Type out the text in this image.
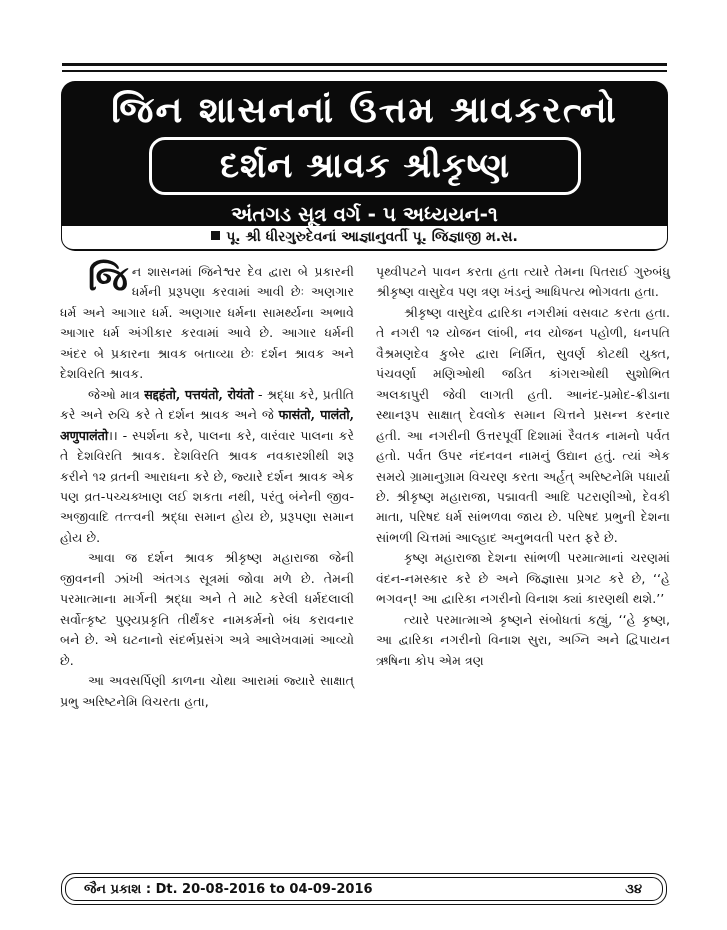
જિન શાસનનાં ઉત્તમ શ્રાવકરત્નો
દર્શન શ્રાવક શ્રીકૃષ્ણ
અંતગડ સૂત્ર વર્ગ - ૫ અધ્યયન-૧
પૂ. શ્રી ધીરગુરુદેવનાં આજ્ઞાનુવર્તી પૂ. જિજ્ઞાજી મ.સ.

જિન શાસનમાં જિનેશ્વર દેવ દ્વારા બે પ્રકારની ધર્મની પ્રરૂપણા કરવામાં આવી છેઃ અણગાર ધર્મ અને આગાર ધર્મ. અણગાર ધર્મના સામર્થ્યના અભાવે આગાર ધર્મ અંગીકાર કરવામાં આવે છે. આગાર ધર્મની અંદર બે પ્રકારના શ્રાવક બતાવ્યા છેઃ દર્શન શ્રાવક અને દેશવિરતિ શ્રાવક.

જેઓ માત્ર सद्दहंतो, पत्तयंतो, रोयंतो - શ્રદ્ધા કરે, પ્રતીતિ કરે અને રુચિ કરે તે દર્શન શ્રાવક અને જે फासंतो, पालंतो, अणुपालंतो।। - સ્પર્શના કરે, પાલના કરે, વારંવાર પાલના કરે તે દેશવિરતિ શ્રાવક. દેશવિરતિ શ્રાવક નવકારશીથી શરૂ કરીને ૧૨ વ્રતની આરાધના કરે છે, જ્યારે દર્શન શ્રાવક એક પણ વ્રત-પચ્ચક્ખાણ લઈ શકતા નથી, પરંતુ બંનેની જીવ-અજીવાદિ તત્ત્વની શ્રદ્ધા સમાન હોય છે, પ્રરૂપણા સમાન હોય છે.

આવા જ દર્શન શ્રાવક શ્રીકૃષ્ણ મહારાજા જેની જીવનની ઝાંખી અંતગડ સૂત્રમાં જોવા મળે છે. તેમની પરમાત્માના માર્ગની શ્રદ્ધા અને તે માટે કરેલી ધર્મદલાલી સર્વોત્કૃષ્ટ પુણ્યપ્રકૃતિ તીર્થંકર નામકર્મનો બંધ કરાવનાર બને છે. એ ઘટનાનો સંદર્ભપ્રસંગ અત્રે આલેખવામાં આવ્યો છે.

આ અવસર્પિણી કાળના ચોથા આરામાં જ્યારે સાક્ષાત્ પ્રભુ અરિષ્ટનેમિ વિચરતા હતા,

પૃથ્વીપટને પાવન કરતા હતા ત્યારે તેમના પિતરાઈ ગુરુબંધુ શ્રીકૃષ્ણ વાસુદેવ પણ ત્રણ ખંડનું આધિપત્ય ભોગવતા હતા.

શ્રીકૃષ્ણ વાસુદેવ દ્વારિકા નગરીમાં વસવાટ કરતા હતા. તે નગરી ૧૨ યોજન લાંબી, નવ યોજન પહોળી, ધનપતિ વૈશ્રમણદેવ કુબેર દ્વારા નિર્મિત, સુવર્ણ કોટથી યુક્ત, પંચવર્ણા મણિઓથી જડિત કાંગરાઓથી સુશોભિત અલકાપુરી જેવી લાગતી હતી. આનંદ-પ્રમોદ-ક્રીડાના સ્થાનરૂપ સાક્ષાત્ દેવલોક સમાન ચિત્તને પ્રસન્ન કરનાર હતી. આ નગરીની ઉત્તરપૂર્વી દિશામાં રૈવતક નામનો પર્વત હતો. પર્વત ઉપર નંદનવન નામનું ઉદ્યાન હતું. ત્યાં એક સમયે ગ્રામાનુગ્રામ વિચરણ કરતા અર્હત્ અરિષ્ટનેમિ પધાર્યા છે. શ્રીકૃષ્ણ મહારાજા, પદ્માવતી આદિ પટરાણીઓ, દેવકી માતા, પરિષદ ધર્મ સાંભળવા જાય છે. પરિષદ પ્રભુની દેશના સાંભળી ચિત્તમાં આલ્હાદ અનુભવતી પરત ફરે છે.

કૃષ્ણ મહારાજા દેશના સાંભળી પરમાત્માનાં ચરણમાં વંદન-નમસ્કાર કરે છે અને જિજ્ઞાસા પ્રગટ કરે છે, ‘‘હે ભગવન્! આ દ્વારિકા નગરીનો વિનાશ ક્યાં કારણથી થશે.’’

ત્યારે પરમાત્માએ કૃષ્ણને સંબોધતાં કહ્યું, ‘‘હે કૃષ્ણ, આ દ્વારિકા નગરીનો વિનાશ સુરા, અગ્નિ અને દ્વિપાયન ઋષિના કોપ એમ ત્રણ

જૈન પ્રકાશ : Dt. 20-08-2016 to 04-09-2016	૩૪
